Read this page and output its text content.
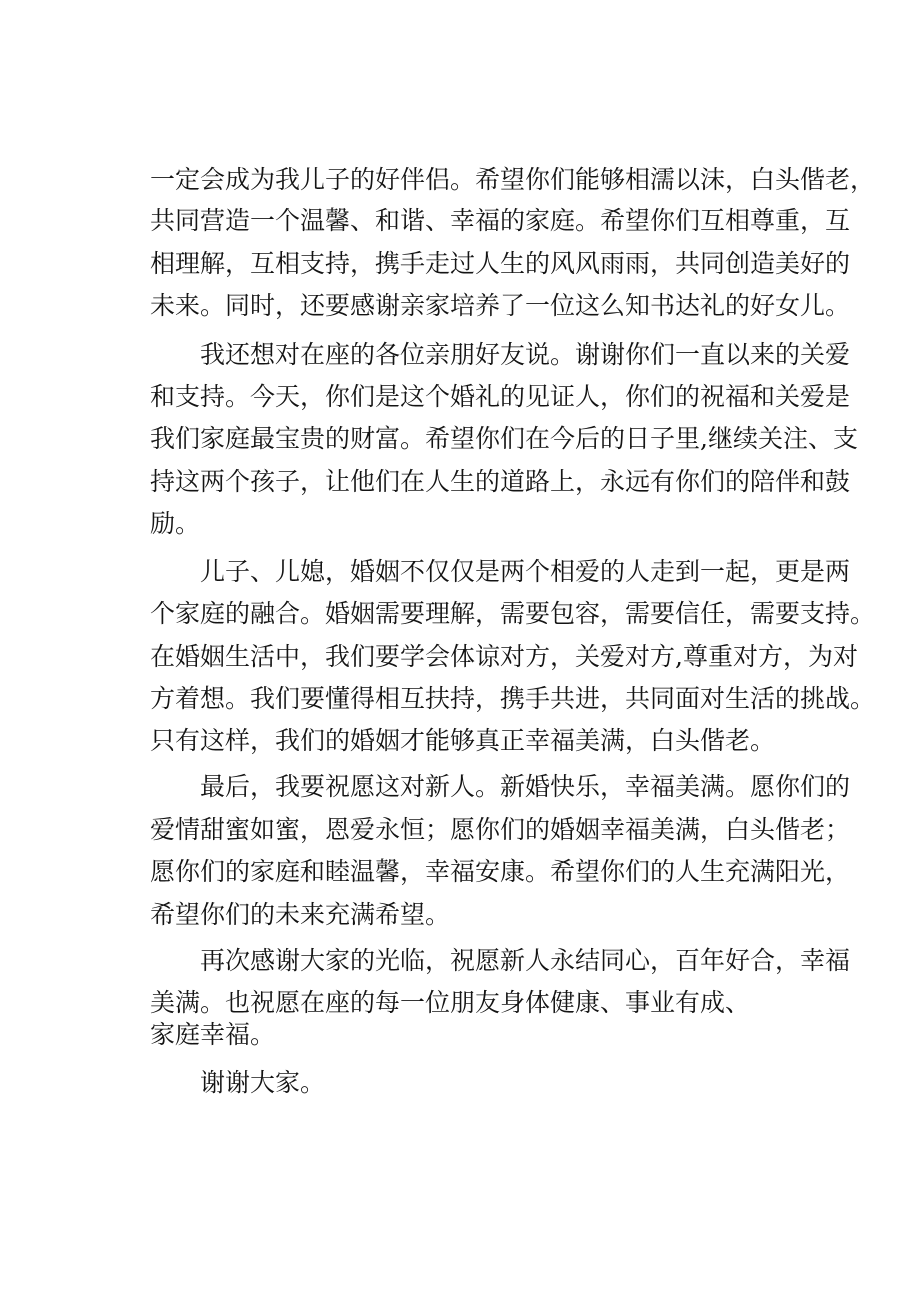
一定会成为我儿子的好伴侣。希望你们能够相濡以沫，白头偕老，
共同营造一个温馨、和谐、幸福的家庭。希望你们互相尊重，互
相理解，互相支持，携手走过人生的风风雨雨，共同创造美好的
未来。同时，还要感谢亲家培养了一位这么知书达礼的好女儿。
我还想对在座的各位亲朋好友说。谢谢你们一直以来的关爱
和支持。今天，你们是这个婚礼的见证人，你们的祝福和关爱是
我们家庭最宝贵的财富。希望你们在今后的日子里,继续关注、支
持这两个孩子，让他们在人生的道路上，永远有你们的陪伴和鼓
励。
儿子、儿媳，婚姻不仅仅是两个相爱的人走到一起，更是两
个家庭的融合。婚姻需要理解，需要包容，需要信任，需要支持。
在婚姻生活中，我们要学会体谅对方，关爱对方,尊重对方，为对
方着想。我们要懂得相互扶持，携手共进，共同面对生活的挑战。
只有这样，我们的婚姻才能够真正幸福美满，白头偕老。
最后，我要祝愿这对新人。新婚快乐，幸福美满。愿你们的
爱情甜蜜如蜜，恩爱永恒；愿你们的婚姻幸福美满，白头偕老；
愿你们的家庭和睦温馨，幸福安康。希望你们的人生充满阳光，
希望你们的未来充满希望。
再次感谢大家的光临，祝愿新人永结同心，百年好合，幸福
美满。也祝愿在座的每一位朋友身体健康、事业有成、
家庭幸福。
谢谢大家。
